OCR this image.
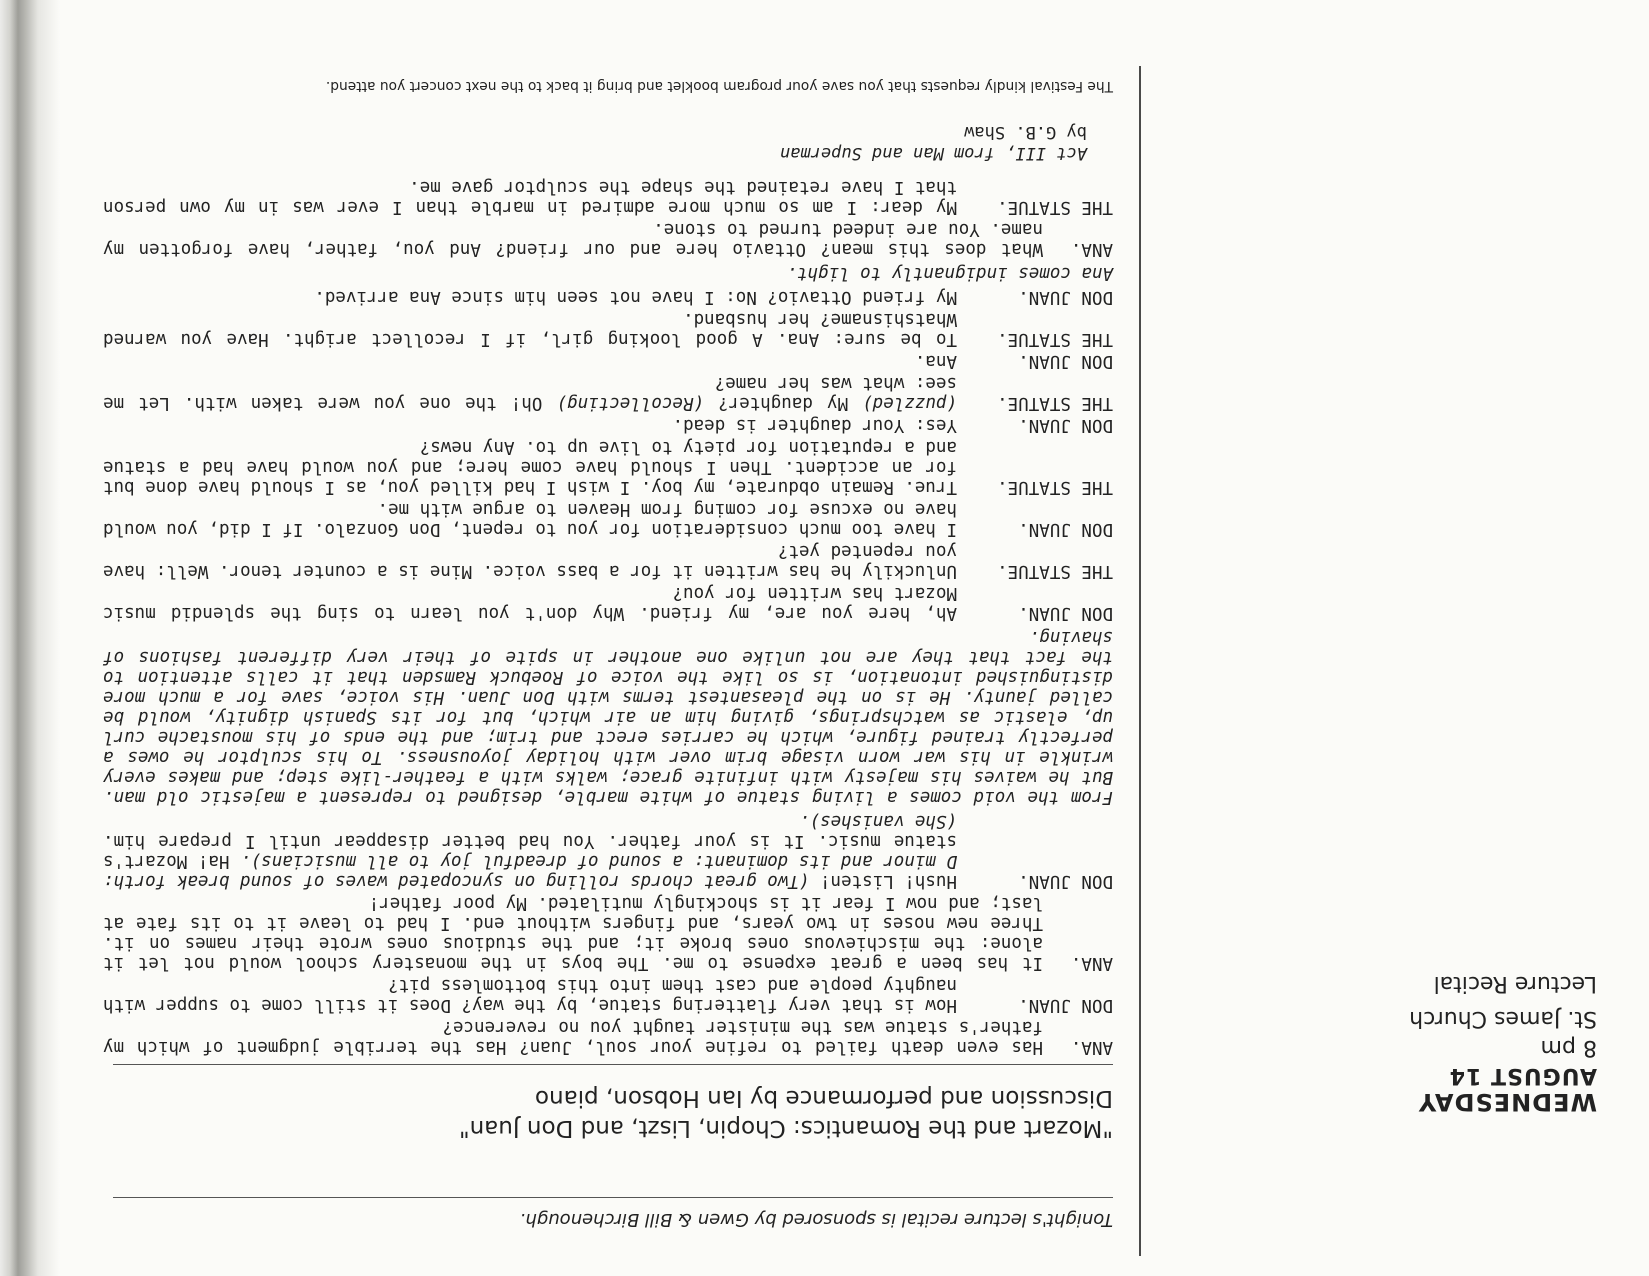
WEDNESDAY
AUGUST 14
8 pm
St. James Church
Lecture Recital
Tonight's lecture recital is sponsored by Gwen & Bill Birchenough.
"Mozart and the Romantics: Chopin, Liszt, and Don Juan"
Discussion and performance by Ian Hobson, piano
ANA.
Has even death failed to refine your soul, Juan? Has the terrible judgment of which my father's statue was the minister taught you no reverence?
DON JUAN.
How is that very flattering statue, by the way? Does it still come to supper with naughty people and cast them into this bottomless pit?
ANA.
It has been a great expense to me. The boys in the monastery school would not let it alone: the mischievous ones broke it; and the studious ones wrote their names on it. Three new noses in two years, and fingers without end. I had to leave it to its fate at last; and now I fear it is shockingly mutilated. My poor father!
DON JUAN.
Hush! Listen! (Two great chords rolling on syncopated waves of sound break forth: D minor and its dominant: a sound of dreadful joy to all musicians). Ha! Mozart's statue music. It is your father. You had better disappear until I prepare him. (She vanishes).
From the void comes a living statue of white marble, designed to represent a majestic old man. But he waives his majesty with infinite grace; walks with a feather-like step; and makes every wrinkle in his war worn visage brim over with holiday joyousness. To his sculptor he owes a perfectly trained figure, which he carries erect and trim; and the ends of his moustache curl up, elastic as watchsprings, giving him an air which, but for its Spanish dignity, would be called jaunty. He is on the pleasantest terms with Don Juan. His voice, save for a much more distinguished intonation, is so like the voice of Roebuck Ramsden that it calls attention to the fact that they are not unlike one another in spite of their very different fashions of shaving.
DON JUAN.
Ah, here you are, my friend. Why don't you learn to sing the splendid music Mozart has written for you?
THE STATUE.
Unluckily he has written it for a bass voice. Mine is a counter tenor. Well: have you repented yet?
DON JUAN.
I have too much consideration for you to repent, Don Gonzalo. If I did, you would have no excuse for coming from Heaven to argue with me.
THE STATUE.
True. Remain obdurate, my boy. I wish I had killed you, as I should have done but for an accident. Then I should have come here; and you would have had a statue and a reputation for piety to live up to. Any news?
DON JUAN.
Yes: Your daughter is dead.
THE STATUE.
(puzzled) My daughter? (Recollecting) Oh! the one you were taken with. Let me see: what was her name?
DON JUAN.
Ana.
THE STATUE.
To be sure: Ana. A good looking girl, if I recollect aright. Have you warned Whatshisname? her husband.
DON JUAN.
My friend Ottavio? No: I have not seen him since Ana arrived.
Ana comes indignantly to light.
ANA.
What does this mean? Ottavio here and our friend? And you, father, have forgotten my name. You are indeed turned to stone.
THE STATUE.
My dear: I am so much more admired in marble than I ever was in my own person that I have retained the shape the sculptor gave me.
Act III, from Man and Superman
by G.B. Shaw
The Festival kindly requests that you save your program booklet and bring it back to the next concert you attend.
